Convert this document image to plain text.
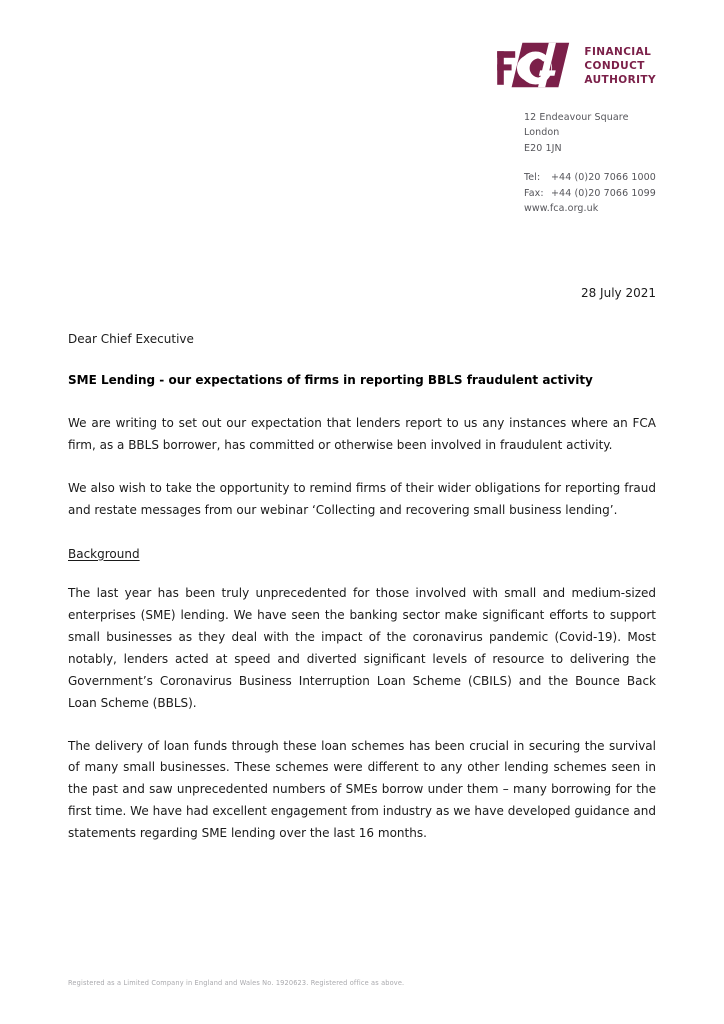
FINANCIAL
CONDUCT
AUTHORITY
12 Endeavour Square
London
E20 1JN
Tel:	+44 (0)20 7066 1000
Fax: +44 (0)20 7066 1099
www.fca.org.uk
28 July 2021
Dear Chief Executive
SME Lending - our expectations of firms in reporting BBLS fraudulent activity

We are writing to set out our expectation that lenders report to us any instances where an FCA firm, as a BBLS borrower, has committed or otherwise been involved in fraudulent activity.

We also wish to take the opportunity to remind firms of their wider obligations for reporting fraud and restate messages from our webinar ‘Collecting and recovering small business lending’.

Background

The last year has been truly unprecedented for those involved with small and medium-sized enterprises (SME) lending. We have seen the banking sector make significant efforts to support small businesses as they deal with the impact of the coronavirus pandemic (Covid-19). Most notably, lenders acted at speed and diverted significant levels of resource to delivering the Government’s Coronavirus Business Interruption Loan Scheme (CBILS) and the Bounce Back Loan Scheme (BBLS).

The delivery of loan funds through these loan schemes has been crucial in securing the survival of many small businesses. These schemes were different to any other lending schemes seen in the past and saw unprecedented numbers of SMEs borrow under them – many borrowing for the first time. We have had excellent engagement from industry as we have developed guidance and statements regarding SME lending over the last 16 months.

Registered as a Limited Company in England and Wales No. 1920623. Registered office as above.
